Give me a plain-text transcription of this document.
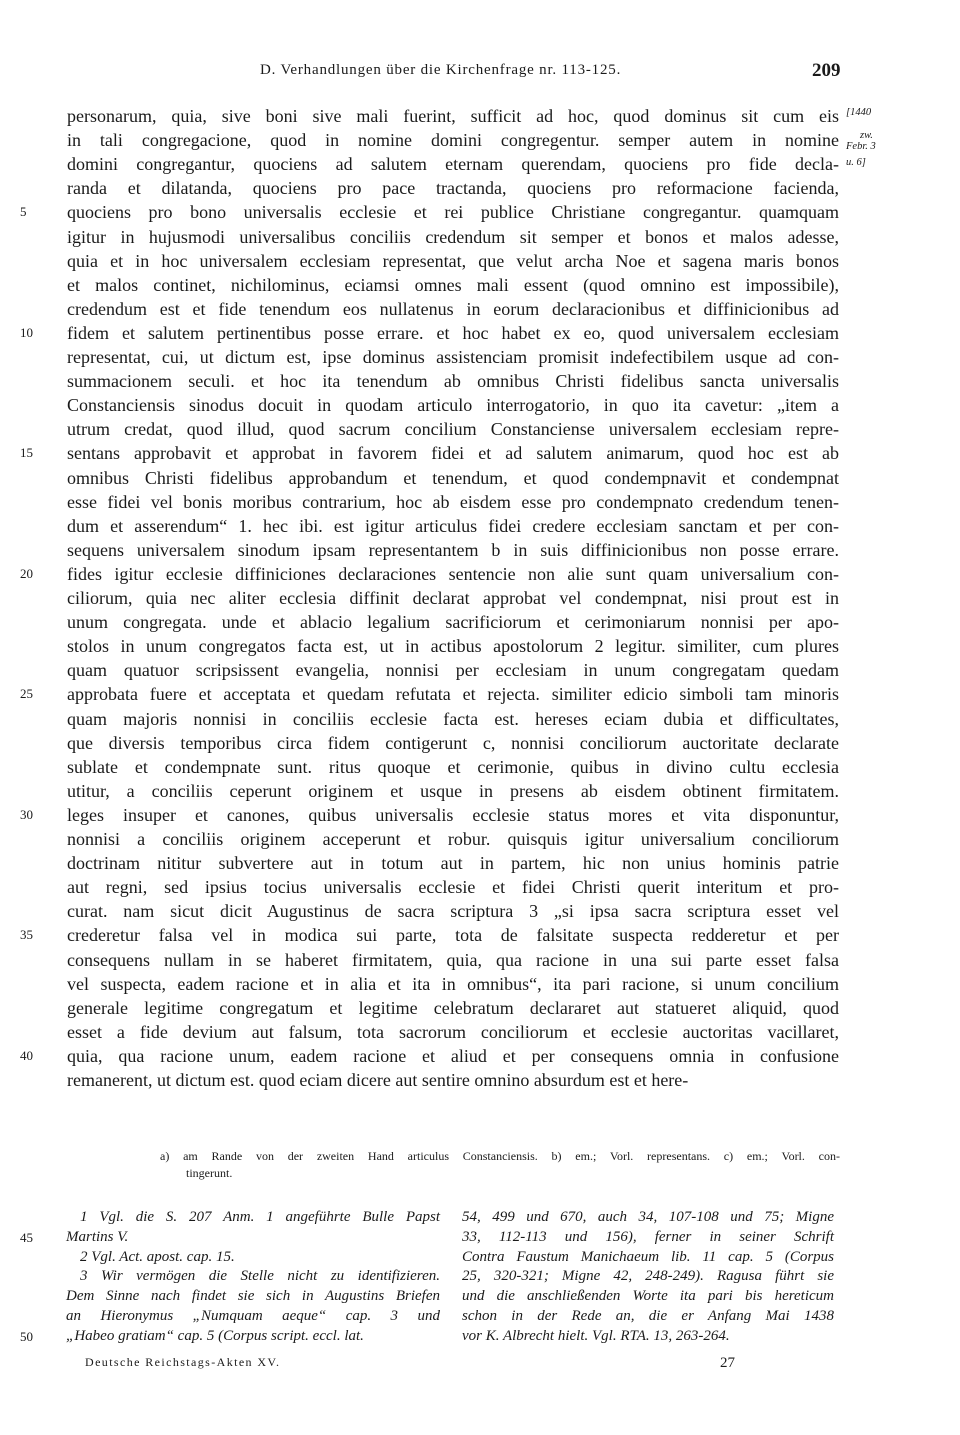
D. Verhandlungen über die Kirchenfrage nr. 113-125.	209
[1440
zw.
Febr. 3
u. 6]
personarum, quia, sive boni sive mali fuerint, sufficit ad hoc, quod dominus sit cum eis
in tali congregacione, quod in nomine domini congregentur. semper autem in nomine
domini congregantur, quociens ad salutem eternam querendam, quociens pro fide decla-
randa et dilatanda, quociens pro pace tractanda, quociens pro reformacione facienda,
5	quociens pro bono universalis ecclesie et rei publice Christiane congregantur. quamquam
igitur in hujusmodi universalibus conciliis credendum sit semper et bonos et malos adesse,
quia et in hoc universalem ecclesiam representat, que velut archa Noe et sagena maris bonos
et malos continet, nichilominus, eciamsi omnes mali essent (quod omnino est impossibile),
credendum est et fide tenendum eos nullatenus in eorum declaracionibus et diffinicionibus ad
10	fidem et salutem pertinentibus posse errare. et hoc habet ex eo, quod universalem ecclesiam
representat, cui, ut dictum est, ipse dominus assistenciam promisit indefectibilem usque ad con-
summacionem seculi. et hoc ita tenendum ab omnibus Christi fidelibus sancta universalis
Constanciensis sinodus docuit in quodam articulo interrogatorio, in quo ita cavetur: „item a
utrum credat, quod illud, quod sacrum concilium Constanciense universalem ecclesiam repre-
15	sentans approbavit et approbat in favorem fidei et ad salutem animarum, quod hoc est ab
omnibus Christi fidelibus approbandum et tenendum, et quod condempnavit et condempnat
esse fidei vel bonis moribus contrarium, hoc ab eisdem esse pro condempnato credendum tenen-
dum et asserendum“ 1. hec ibi. est igitur articulus fidei credere ecclesiam sanctam et per con-
sequens universalem sinodum ipsam representantem b in suis diffinicionibus non posse errare.
20	fides igitur ecclesie diffiniciones declaraciones sentencie non alie sunt quam universalium con-
ciliorum, quia nec aliter ecclesia diffinit declarat approbat vel condempnat, nisi prout est in
unum congregata. unde et ablacio legalium sacrificiorum et cerimoniarum nonnisi per apo-
stolos in unum congregatos facta est, ut in actibus apostolorum 2 legitur. similiter, cum plures
quam quatuor scripsissent evangelia, nonnisi per ecclesiam in unum congregatam quedam
25	approbata fuere et acceptata et quedam refutata et rejecta. similiter edicio simboli tam minoris
quam majoris nonnisi in conciliis ecclesie facta est. hereses eciam dubia et difficultates,
que diversis temporibus circa fidem contigerunt c, nonnisi conciliorum auctoritate declarate
sublate et condempnate sunt. ritus quoque et cerimonie, quibus in divino cultu ecclesia
utitur, a conciliis ceperunt originem et usque in presens ab eisdem obtinent firmitatem.
30	leges insuper et canones, quibus universalis ecclesie status mores et vita disponuntur,
nonnisi a conciliis originem acceperunt et robur. quisquis igitur universalium conciliorum
doctrinam nititur subvertere aut in totum aut in partem, hic non unius hominis patrie
aut regni, sed ipsius tocius universalis ecclesie et fidei Christi querit interitum et pro-
curat. nam sicut dicit Augustinus de sacra scriptura 3 „si ipsa sacra scriptura esset vel
35	crederetur falsa vel in modica sui parte, tota de falsitate suspecta redderetur et per
consequens nullam in se haberet firmitatem, quia, qua racione in una sui parte esset falsa
vel suspecta, eadem racione et in alia et ita in omnibus“, ita pari racione, si unum concilium
generale legitime congregatum et legitime celebratum declararet aut statueret aliquid, quod
esset a fide devium aut falsum, tota sacrorum conciliorum et ecclesie auctoritas vacillaret,
40	quia, qua racione unum, eadem racione et aliud et per consequens omnia in confusione
remanerent, ut dictum est. quod eciam dicere aut sentire omnino absurdum est et here-
a) am Rande von der zweiten Hand articulus Constanciensis. b) em.; Vorl. representans. c) em.; Vorl. con-
tingerunt.
1 Vgl. die S. 207 Anm. 1 angeführte Bulle Papst
Martins V.
2 Vgl. Act. apost. cap. 15.
3 Wir vermögen die Stelle nicht zu identifizieren.
Dem Sinne nach findet sie sich in Augustins Briefen
an Hieronymus „Numquam aeque“ cap. 3 und
„Habeo gratiam“ cap. 5 (Corpus script. eccl. lat.
54, 499 und 670, auch 34, 107-108 und 75; Migne
33, 112-113 und 156), ferner in seiner Schrift
Contra Faustum Manichaeum lib. 11 cap. 5 (Corpus
25, 320-321; Migne 42, 248-249). Ragusa führt sie
und die anschließenden Worte ita pari bis hereticum
schon in der Rede an, die er Anfang Mai 1438
vor K. Albrecht hielt. Vgl. RTA. 13, 263-264.
Deutsche Reichstags-Akten XV.	27
45
50
